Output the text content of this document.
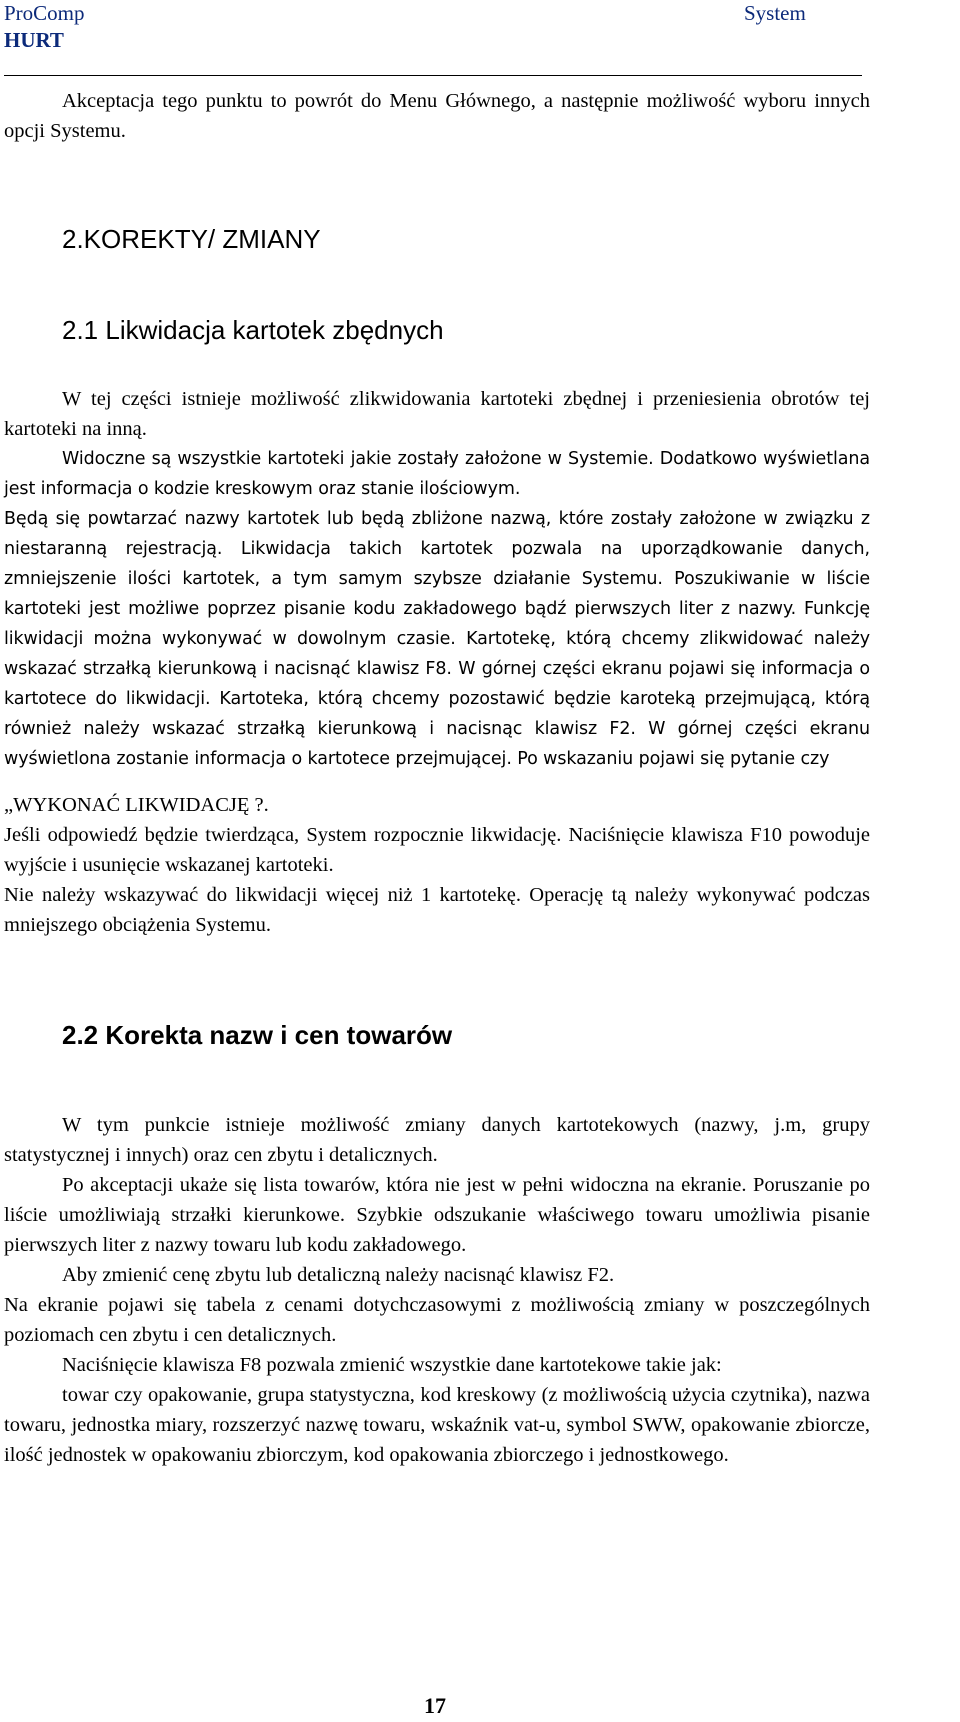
ProComp	System
HURT

Akceptacja tego punktu to powrót do Menu Głównego, a następnie możliwość wyboru innych opcji Systemu.

2.KOREKTY/ ZMIANY
2.1 Likwidacja kartotek zbędnych

W tej części istnieje możliwość zlikwidowania kartoteki zbędnej i przeniesienia obrotów tej kartoteki na inną.

Widoczne są wszystkie kartoteki jakie zostały założone w Systemie. Dodatkowo wyświetlana jest informacja o kodzie kreskowym oraz stanie ilościowym.

Będą się powtarzać nazwy kartotek lub będą zbliżone nazwą, które zostały założone w związku z niestaranną rejestracją. Likwidacja takich kartotek pozwala na uporządkowanie danych, zmniejszenie ilości kartotek, a tym samym szybsze działanie Systemu. Poszukiwanie w liście kartoteki jest możliwe poprzez pisanie kodu zakładowego bądź pierwszych liter z nazwy. Funkcję likwidacji można wykonywać w dowolnym czasie. Kartotekę, którą chcemy zlikwidować należy wskazać strzałką kierunkową i nacisnąć klawisz F8. W górnej części ekranu pojawi się informacja o kartotece do likwidacji. Kartoteka, którą chcemy pozostawić będzie karoteką przejmującą, którą również należy wskazać strzałką kierunkową i nacisnąc klawisz F2. W górnej części ekranu wyświetlona zostanie informacja o kartotece przejmującej. Po wskazaniu pojawi się pytanie czy

„WYKONAĆ LIKWIDACJĘ ?.

Jeśli odpowiedź będzie twierdząca, System rozpocznie likwidację. Naciśnięcie klawisza F10 powoduje wyjście i usunięcie wskazanej kartoteki.

Nie należy wskazywać do likwidacji więcej niż 1 kartotekę. Operację tą należy wykonywać podczas mniejszego obciążenia Systemu.

2.2 Korekta nazw i cen towarów

W tym punkcie istnieje możliwość zmiany danych kartotekowych (nazwy, j.m, grupy statystycznej i innych) oraz cen zbytu i detalicznych.

Po akceptacji ukaże się lista towarów, która nie jest w pełni widoczna na ekranie. Poruszanie po liście umożliwiają strzałki kierunkowe. Szybkie odszukanie właściwego towaru umożliwia pisanie pierwszych liter z nazwy towaru lub kodu zakładowego.

Aby zmienić cenę zbytu lub detaliczną należy nacisnąć klawisz F2.

Na ekranie pojawi się tabela z cenami dotychczasowymi z możliwością zmiany w poszczególnych poziomach cen zbytu i cen detalicznych.

Naciśnięcie klawisza F8 pozwala zmienić wszystkie dane kartotekowe takie jak:

towar czy opakowanie, grupa statystyczna, kod kreskowy (z możliwością użycia czytnika), nazwa towaru, jednostka miary, rozszerzyć nazwę towaru, wskaźnik vat-u, symbol SWW, opakowanie zbiorcze, ilość jednostek w opakowaniu zbiorczym, kod opakowania zbiorczego i jednostkowego.

17
